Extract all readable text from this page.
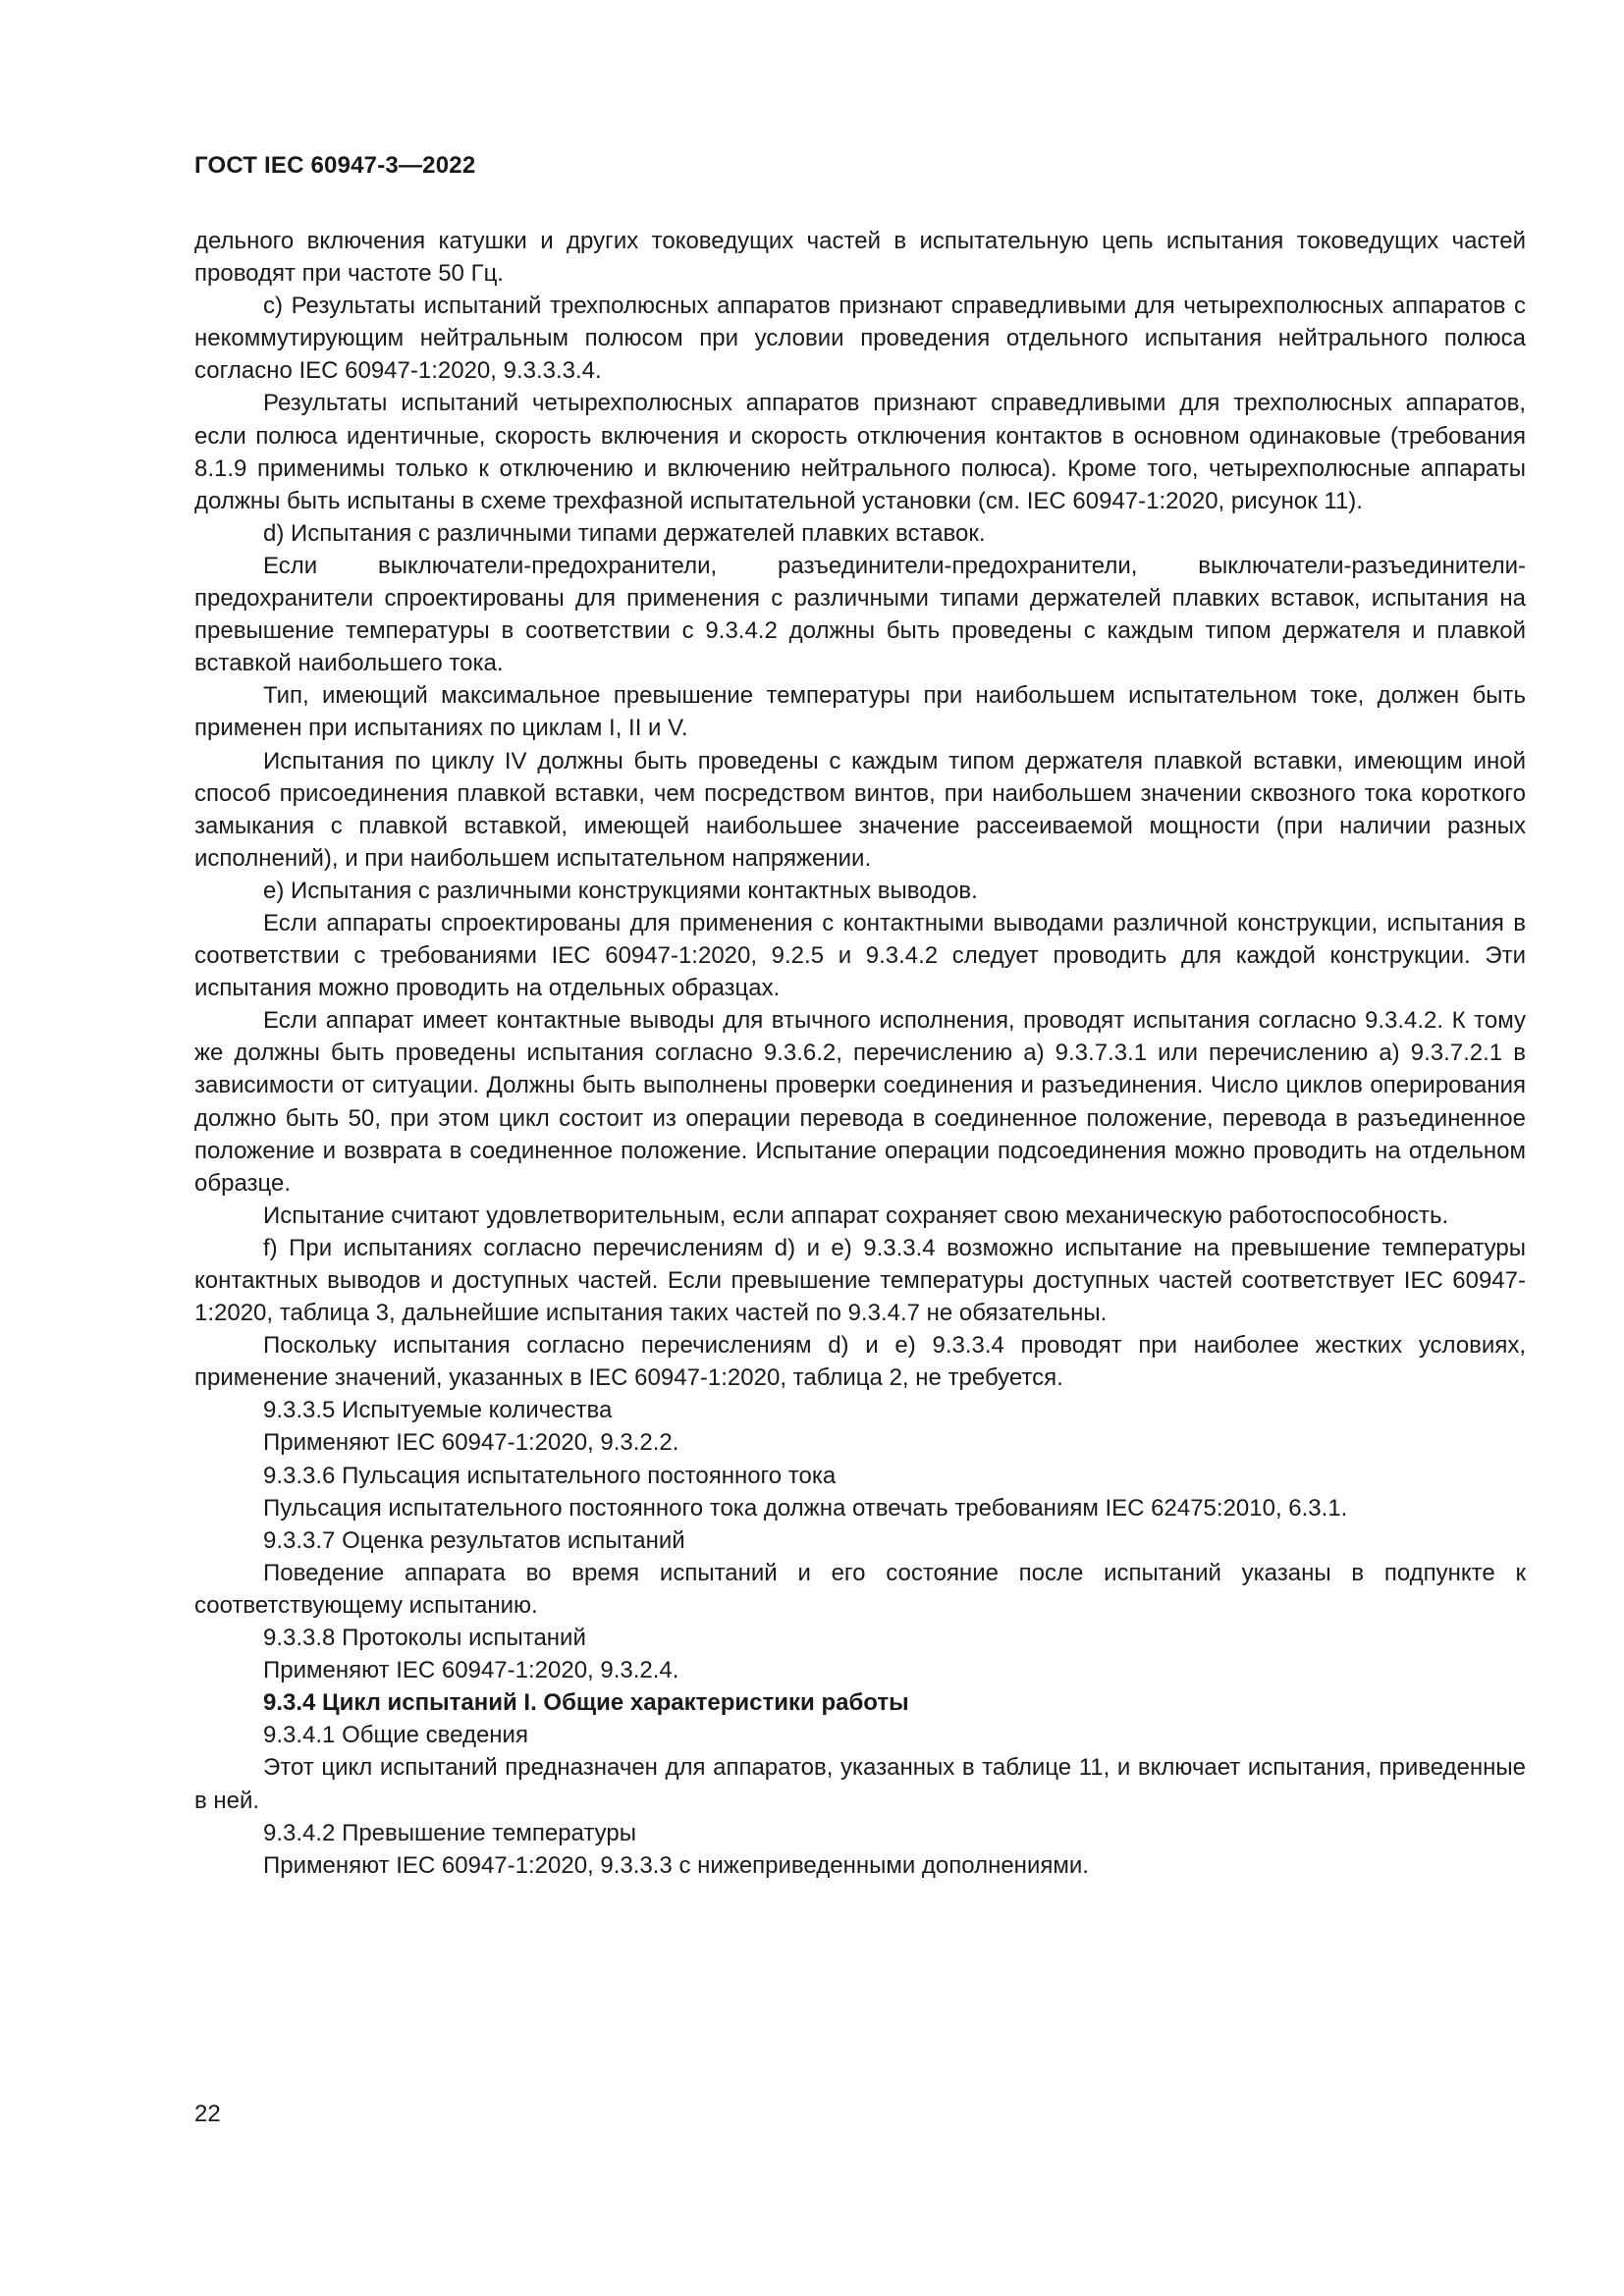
ГОСТ IEC 60947-3—2022

дельного включения катушки и других токоведущих частей в испытательную цепь испытания токоведущих частей проводят при частоте 50 Гц.

с) Результаты испытаний трехполюсных аппаратов признают справедливыми для четырехполюсных аппаратов с некоммутирующим нейтральным полюсом при условии проведения отдельного испытания нейтрального полюса согласно IEC 60947-1:2020, 9.3.3.3.4.

Результаты испытаний четырехполюсных аппаратов признают справедливыми для трехполюсных аппаратов, если полюса идентичные, скорость включения и скорость отключения контактов в основном одинаковые (требования 8.1.9 применимы только к отключению и включению нейтрального полюса). Кроме того, четырехполюсные аппараты должны быть испытаны в схеме трехфазной испытательной установки (см. IEC 60947-1:2020, рисунок 11).

d) Испытания с различными типами держателей плавких вставок.

Если выключатели-предохранители, разъединители-предохранители, выключатели-разъединители-предохранители спроектированы для применения с различными типами держателей плавких вставок, испытания на превышение температуры в соответствии с 9.3.4.2 должны быть проведены с каждым типом держателя и плавкой вставкой наибольшего тока.

Тип, имеющий максимальное превышение температуры при наибольшем испытательном токе, должен быть применен при испытаниях по циклам I, II и V.

Испытания по циклу IV должны быть проведены с каждым типом держателя плавкой вставки, имеющим иной способ присоединения плавкой вставки, чем посредством винтов, при наибольшем значении сквозного тока короткого замыкания с плавкой вставкой, имеющей наибольшее значение рассеиваемой мощности (при наличии разных исполнений), и при наибольшем испытательном напряжении.

е) Испытания с различными конструкциями контактных выводов.

Если аппараты спроектированы для применения с контактными выводами различной конструкции, испытания в соответствии с требованиями IEC 60947-1:2020, 9.2.5 и 9.3.4.2 следует проводить для каждой конструкции. Эти испытания можно проводить на отдельных образцах.

Если аппарат имеет контактные выводы для втычного исполнения, проводят испытания согласно 9.3.4.2. К тому же должны быть проведены испытания согласно 9.3.6.2, перечислению а) 9.3.7.3.1 или перечислению а) 9.3.7.2.1 в зависимости от ситуации. Должны быть выполнены проверки соединения и разъединения. Число циклов оперирования должно быть 50, при этом цикл состоит из операции перевода в соединенное положение, перевода в разъединенное положение и возврата в соединенное положение. Испытание операции подсоединения можно проводить на отдельном образце.

Испытание считают удовлетворительным, если аппарат сохраняет свою механическую работоспособность.

f) При испытаниях согласно перечислениям d) и е) 9.3.3.4 возможно испытание на превышение температуры контактных выводов и доступных частей. Если превышение температуры доступных частей соответствует IEC 60947-1:2020, таблица 3, дальнейшие испытания таких частей по 9.3.4.7 не обязательны.

Поскольку испытания согласно перечислениям d) и е) 9.3.3.4 проводят при наиболее жестких условиях, применение значений, указанных в IEC 60947-1:2020, таблица 2, не требуется.

9.3.3.5 Испытуемые количества

Применяют IEC 60947-1:2020, 9.3.2.2.

9.3.3.6 Пульсация испытательного постоянного тока

Пульсация испытательного постоянного тока должна отвечать требованиям IEC 62475:2010, 6.3.1.

9.3.3.7 Оценка результатов испытаний

Поведение аппарата во время испытаний и его состояние после испытаний указаны в подпункте к соответствующему испытанию.

9.3.3.8 Протоколы испытаний

Применяют IEC 60947-1:2020, 9.3.2.4.

9.3.4 Цикл испытаний I. Общие характеристики работы

9.3.4.1 Общие сведения

Этот цикл испытаний предназначен для аппаратов, указанных в таблице 11, и включает испытания, приведенные в ней.

9.3.4.2 Превышение температуры

Применяют IEC 60947-1:2020, 9.3.3.3 с нижеприведенными дополнениями.

22
